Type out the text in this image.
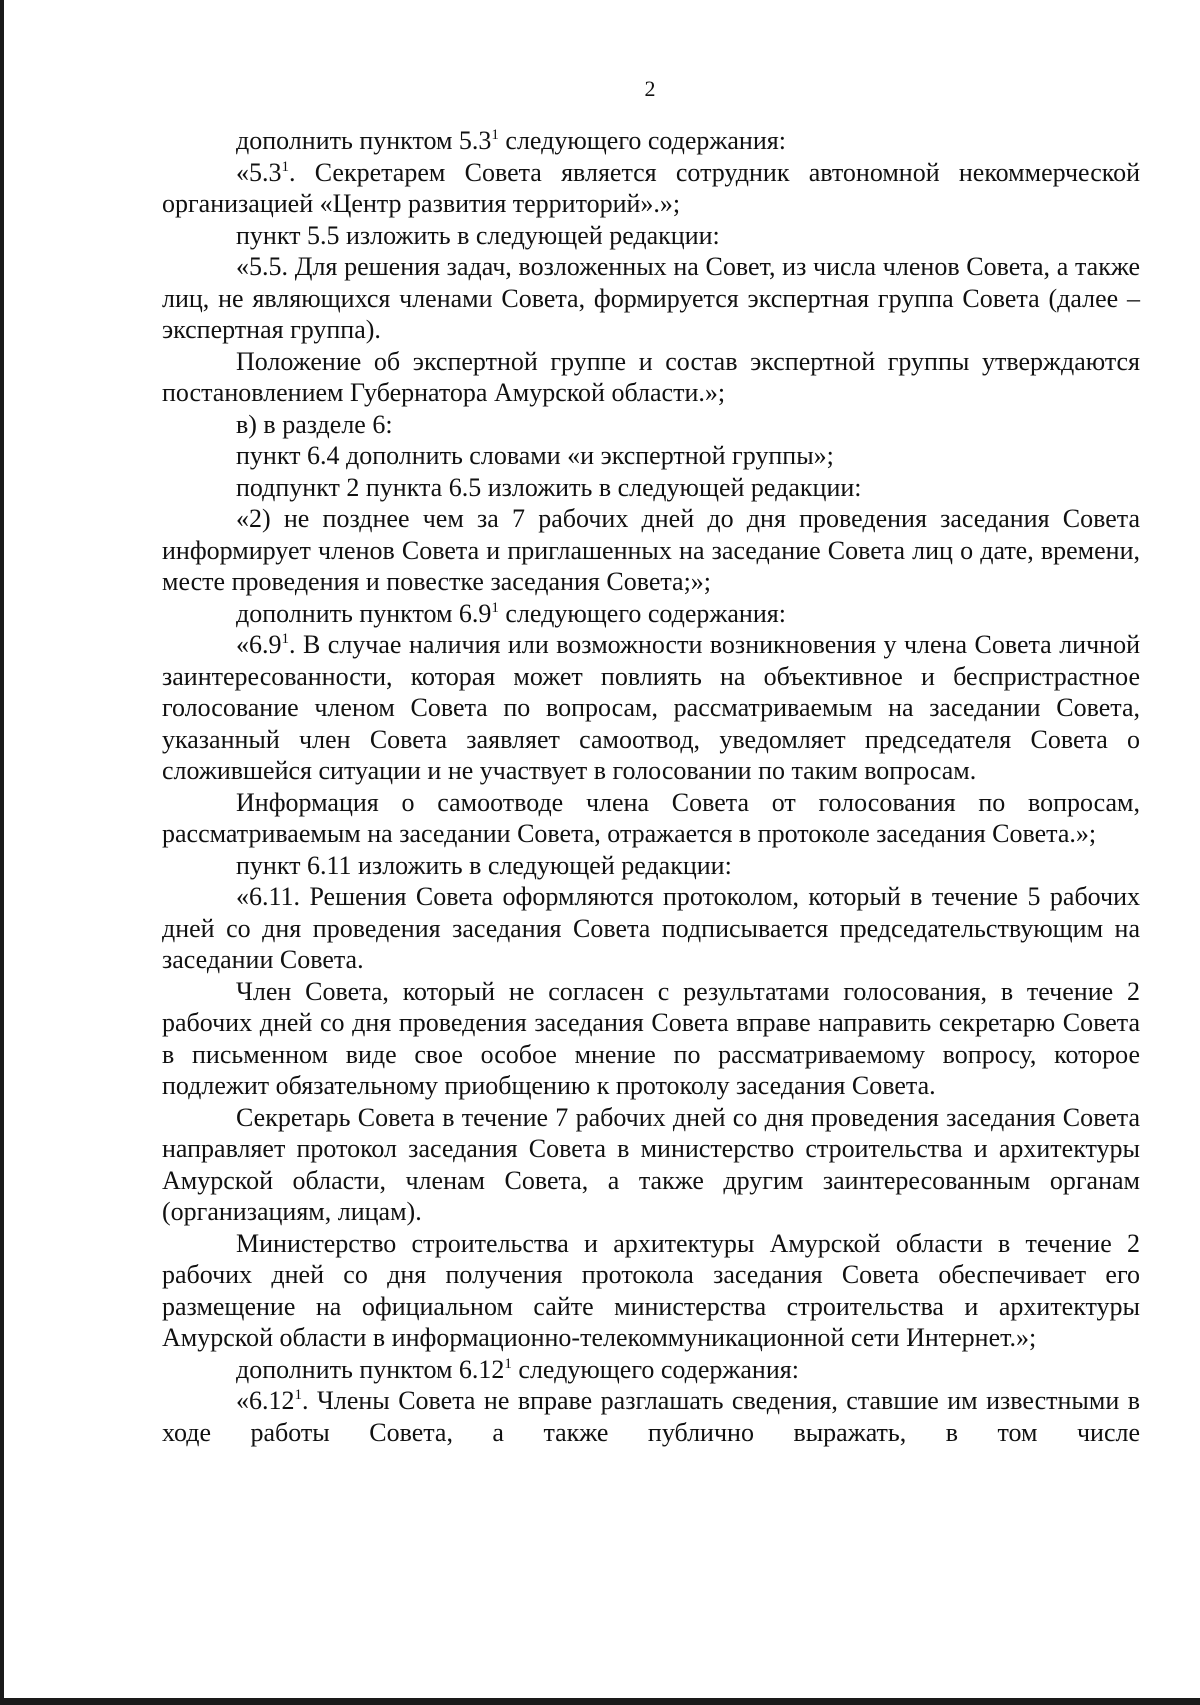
2

дополнить пунктом $5.3^1$ следующего содержания:

«$5.3^1$. Секретарем Совета является сотрудник автономной некоммерческой организацией «Центр развития территорий».»;

пункт 5.5 изложить в следующей редакции:

«5.5. Для решения задач, возложенных на Совет, из числа членов Совета, а также лиц, не являющихся членами Совета, формируется экспертная группа Совета (далее – экспертная группа).

Положение об экспертной группе и состав экспертной группы утверждаются постановлением Губернатора Амурской области.»;

в) в разделе 6:

пункт 6.4 дополнить словами «и экспертной группы»;

подпункт 2 пункта 6.5 изложить в следующей редакции:

«2) не позднее чем за 7 рабочих дней до дня проведения заседания Совета информирует членов Совета и приглашенных на заседание Совета лиц о дате, времени, месте проведения и повестке заседания Совета;»;

дополнить пунктом $6.9^1$ следующего содержания:

«$6.9^1$. В случае наличия или возможности возникновения у члена Совета личной заинтересованности, которая может повлиять на объективное и беспристрастное голосование членом Совета по вопросам, рассматриваемым на заседании Совета, указанный член Совета заявляет самоотвод, уведомляет председателя Совета о сложившейся ситуации и не участвует в голосовании по таким вопросам.

Информация о самоотводе члена Совета от голосования по вопросам, рассматриваемым на заседании Совета, отражается в протоколе заседания Совета.»;

пункт 6.11 изложить в следующей редакции:

«6.11. Решения Совета оформляются протоколом, который в течение 5 рабочих дней со дня проведения заседания Совета подписывается председательствующим на заседании Совета.

Член Совета, который не согласен с результатами голосования, в течение 2 рабочих дней со дня проведения заседания Совета вправе направить секретарю Совета в письменном виде свое особое мнение по рассматриваемому вопросу, которое подлежит обязательному приобщению к протоколу заседания Совета.

Секретарь Совета в течение 7 рабочих дней со дня проведения заседания Совета направляет протокол заседания Совета в министерство строительства и архитектуры Амурской области, членам Совета, а также другим заинтересованным органам (организациям, лицам).

Министерство строительства и архитектуры Амурской области в течение 2 рабочих дней со дня получения протокола заседания Совета обеспечивает его размещение на официальном сайте министерства строительства и архитектуры Амурской области в информационно-телекоммуникационной сети Интернет.»;

дополнить пунктом 6.12$^1$ следующего содержания:

«6.12$^1$. Члены Совета не вправе разглашать сведения, ставшие им известными в ходе работы Совета, а также публично выражать, в том числе
